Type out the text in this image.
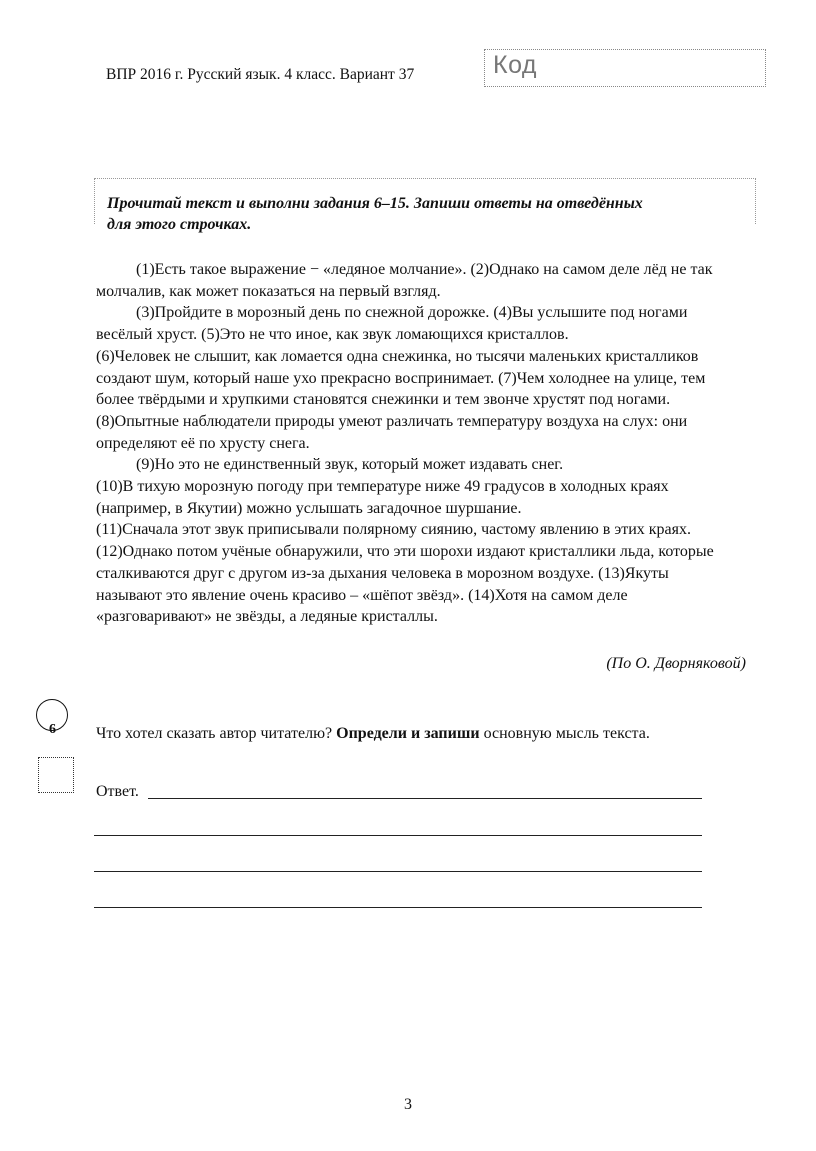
ВПР 2016 г. Русский язык. 4 класс. Вариант 37	Код
Прочитай текст и выполни задания 6–15. Запиши ответы на отведённых для этого строчках.

(1)Есть такое выражение − «ледяное молчание». (2)Однако на самом деле лёд не так молчалив, как может показаться на первый взгляд.

(3)Пройдите в морозный день по снежной дорожке. (4)Вы услышите под ногами весёлый хруст. (5)Это не что иное, как звук ломающихся кристаллов.

(6)Человек не слышит, как ломается одна снежинка, но тысячи маленьких кристалликов создают шум, который наше ухо прекрасно воспринимает. (7)Чем холоднее на улице, тем более твёрдыми и хрупкими становятся снежинки и тем звонче хрустят под ногами. (8)Опытные наблюдатели природы умеют различать температуру воздуха на слух: они определяют её по хрусту снега.

(9)Но это не единственный звук, который может издавать снег.

(10)В тихую морозную погоду при температуре ниже 49 градусов в холодных краях (например, в Якутии) можно услышать загадочное шуршание.

(11)Сначала этот звук приписывали полярному сиянию, частому явлению в этих краях. (12)Однако потом учёные обнаружили, что эти шорохи издают кристаллики льда, которые сталкиваются друг с другом из-за дыхания человека в морозном воздухе. (13)Якуты называют это явление очень красиво – «шёпот звёзд». (14)Хотя на самом деле «разговаривают» не звёзды, а ледяные кристаллы.

(По О. Дворняковой)
6	Что хотел сказать автор читателю? Определи и запиши основную мысль текста.
Ответ.
3
